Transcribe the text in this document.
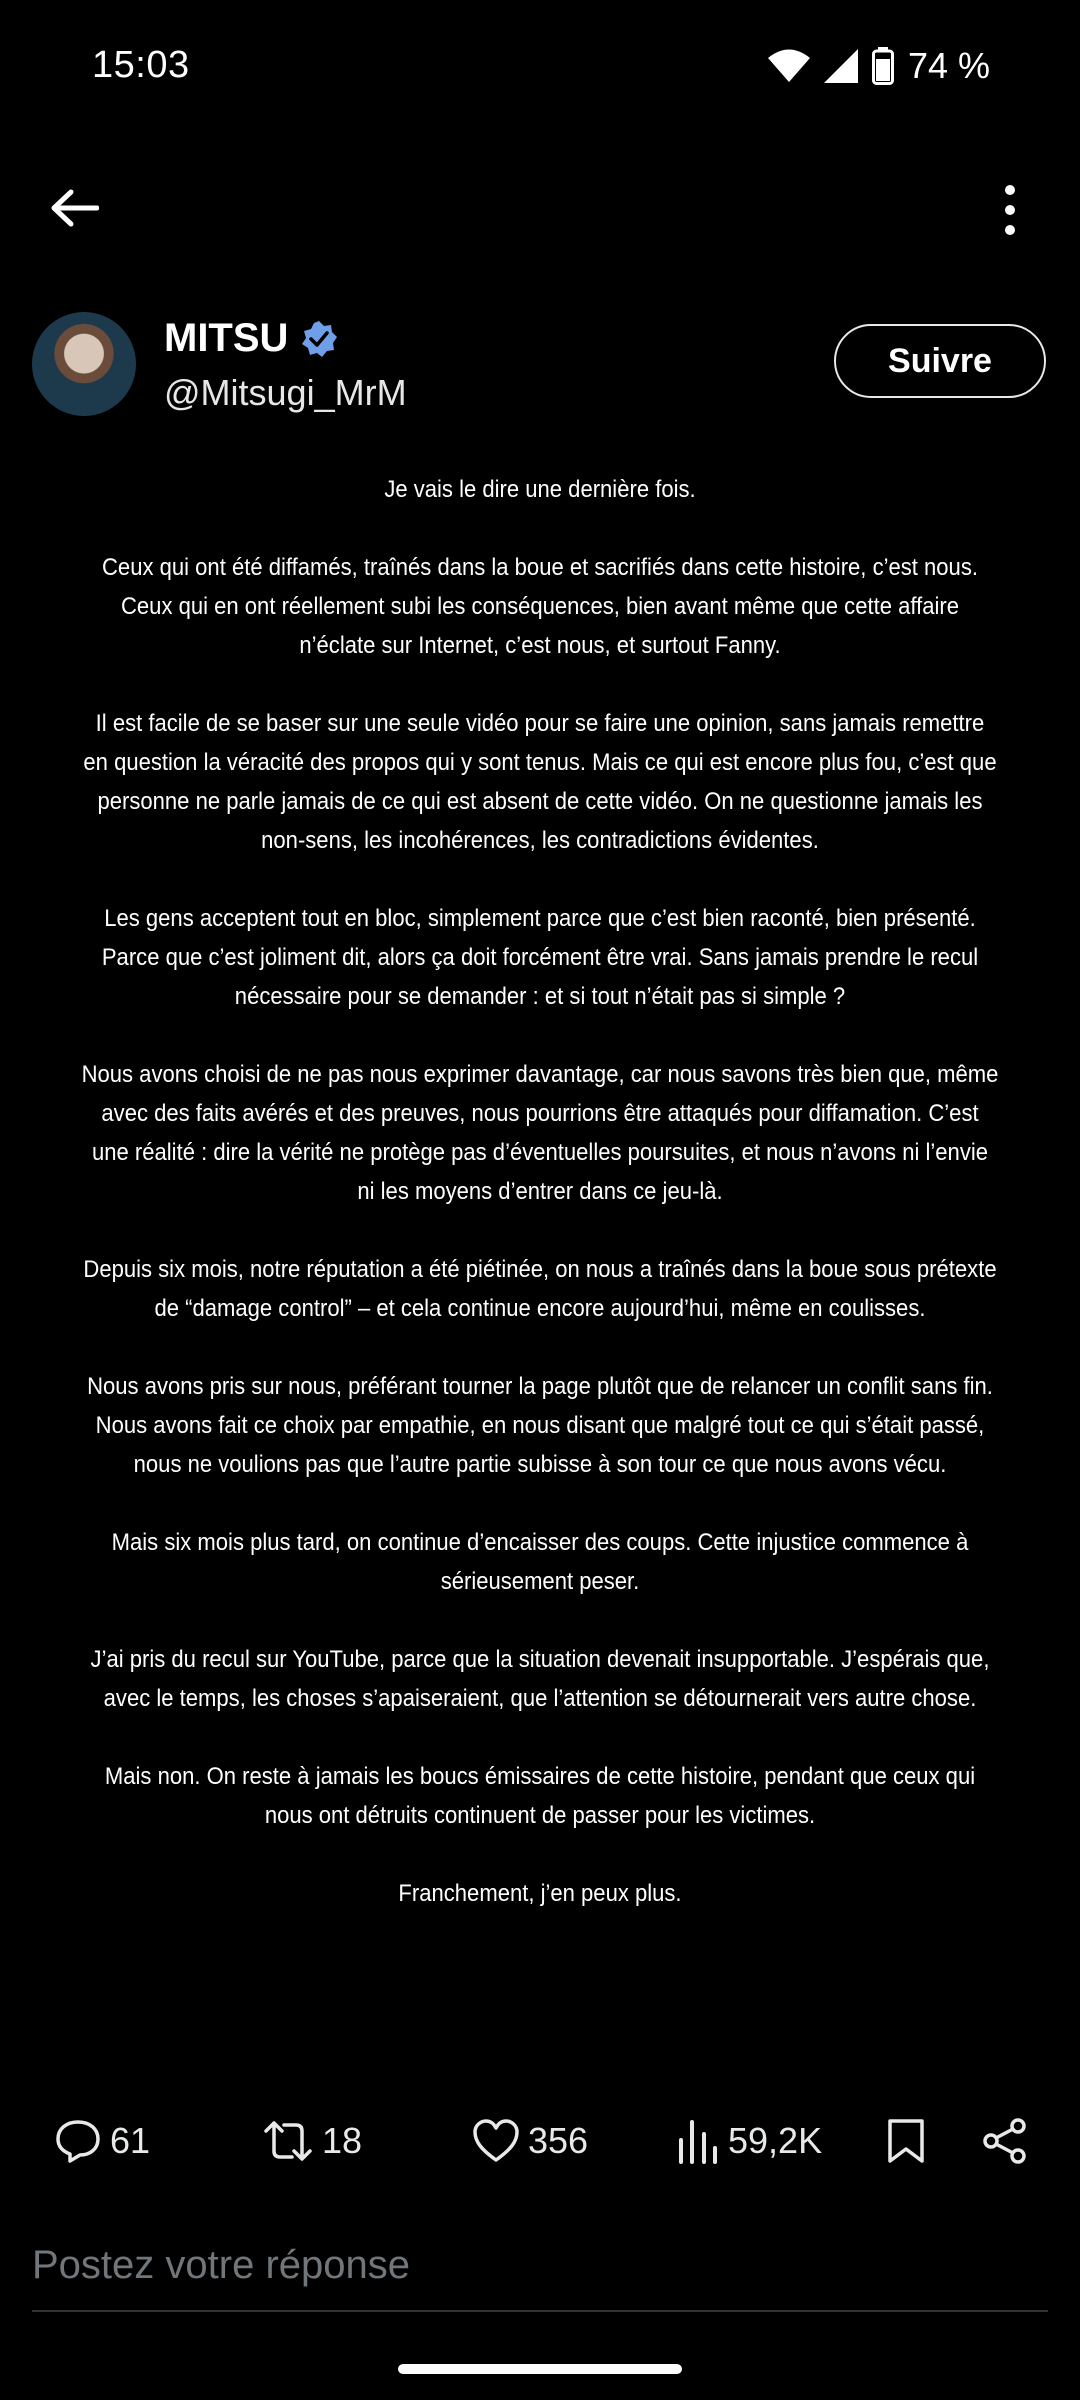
15:03	74 %
MITSU
@Mitsugi_MrM
Suivre

Je vais le dire une dernière fois.

Ceux qui ont été diffamés, traînés dans la boue et sacrifiés dans cette histoire, c’est nous. Ceux qui en ont réellement subi les conséquences, bien avant même que cette affaire n’éclate sur Internet, c’est nous, et surtout Fanny.

Il est facile de se baser sur une seule vidéo pour se faire une opinion, sans jamais remettre en question la véracité des propos qui y sont tenus. Mais ce qui est encore plus fou, c’est que personne ne parle jamais de ce qui est absent de cette vidéo. On ne questionne jamais les non-sens, les incohérences, les contradictions évidentes.

Les gens acceptent tout en bloc, simplement parce que c’est bien raconté, bien présenté. Parce que c’est joliment dit, alors ça doit forcément être vrai. Sans jamais prendre le recul nécessaire pour se demander : et si tout n’était pas si simple ?

Nous avons choisi de ne pas nous exprimer davantage, car nous savons très bien que, même avec des faits avérés et des preuves, nous pourrions être attaqués pour diffamation. C’est une réalité : dire la vérité ne protège pas d’éventuelles poursuites, et nous n’avons ni l’envie ni les moyens d’entrer dans ce jeu-là.

Depuis six mois, notre réputation a été piétinée, on nous a traînés dans la boue sous prétexte de “damage control” – et cela continue encore aujourd’hui, même en coulisses.

Nous avons pris sur nous, préférant tourner la page plutôt que de relancer un conflit sans fin. Nous avons fait ce choix par empathie, en nous disant que malgré tout ce qui s’était passé, nous ne voulions pas que l’autre partie subisse à son tour ce que nous avons vécu.

Mais six mois plus tard, on continue d’encaisser des coups. Cette injustice commence à sérieusement peser.

J’ai pris du recul sur YouTube, parce que la situation devenait insupportable. J’espérais que, avec le temps, les choses s’apaiseraient, que l’attention se détournerait vers autre chose.

Mais non. On reste à jamais les boucs émissaires de cette histoire, pendant que ceux qui nous ont détruits continuent de passer pour les victimes.

Franchement, j’en peux plus.

61	18	356	59,2K
Postez votre réponse
